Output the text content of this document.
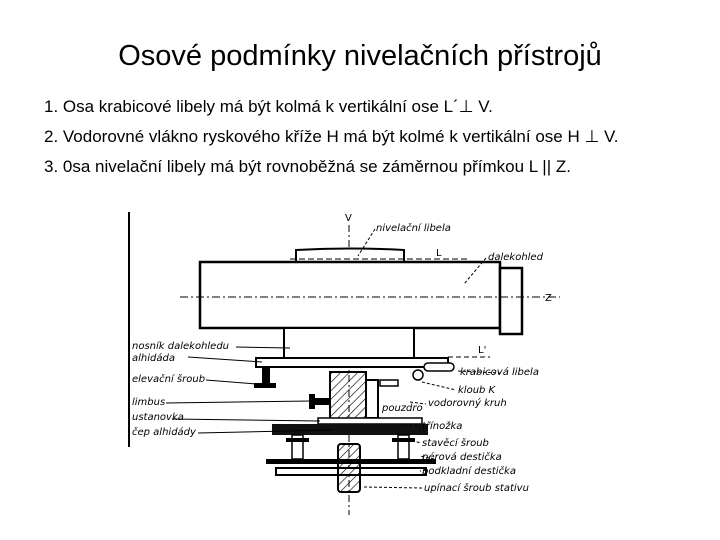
Osové podmínky nivelačních přístrojů
1. Osa krabicové libely má být kolmá k vertikální ose L´⊥ V.
2. Vodorovné vlákno ryskového kříže H má být kolmé k vertikální ose H ⊥ V.
3. 0sa nivelační libely má být rovnoběžná se záměrnou přímkou L || Z.
V
L
Z
L'
nosník dalekohledu
alhidáda
elevační šroub
limbus
ustanovka
čep alhidády
nivelační libela
dalekohled
krabicová libela
kloub K
vodorovný kruh
pouzdro
třínožka
stavěcí šroub
pérová destička
podkladní destička
upínací šroub stativu
